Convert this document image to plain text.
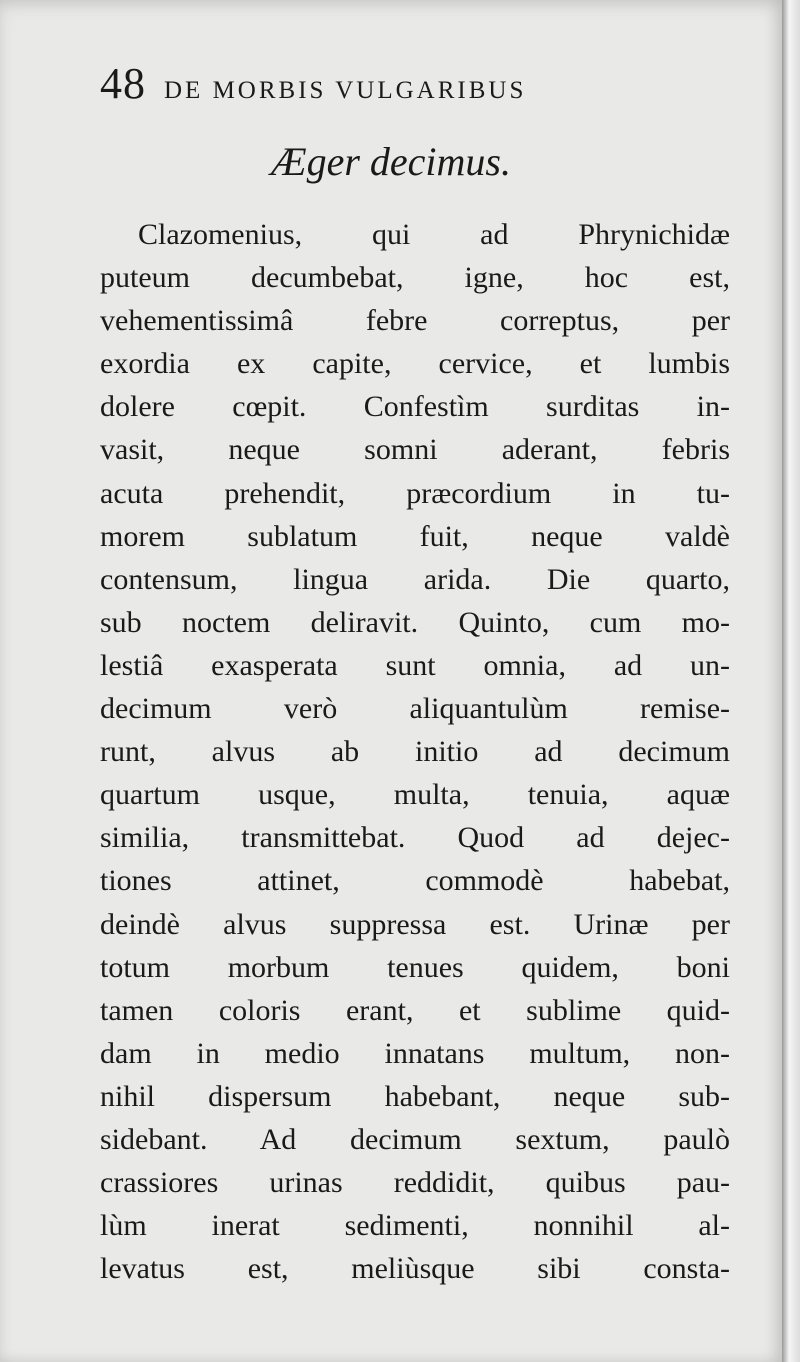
48 DE MORBIS VULGARIBUS
Æger decimus.
Clazomenius, qui ad Phrynichidæ
puteum decumbebat, igne, hoc est,
vehementissimâ febre correptus, per
exordia ex capite, cervice, et lumbis
dolere cœpit. Confestìm surditas in-
vasit, neque somni aderant, febris
acuta prehendit, præcordium in tu-
morem sublatum fuit, neque valdè
contensum, lingua arida. Die quarto,
sub noctem deliravit. Quinto, cum mo-
lestiâ exasperata sunt omnia, ad un-
decimum verò aliquantulùm remise-
runt, alvus ab initio ad decimum
quartum usque, multa, tenuia, aquæ
similia, transmittebat. Quod ad dejec-
tiones attinet, commodè habebat,
deindè alvus suppressa est. Urinæ per
totum morbum tenues quidem, boni
tamen coloris erant, et sublime quid-
dam in medio innatans multum, non-
nihil dispersum habebant, neque sub-
sidebant. Ad decimum sextum, paulò
crassiores urinas reddidit, quibus pau-
lùm inerat sedimenti, nonnihil al-
levatus est, meliùsque sibi consta-
